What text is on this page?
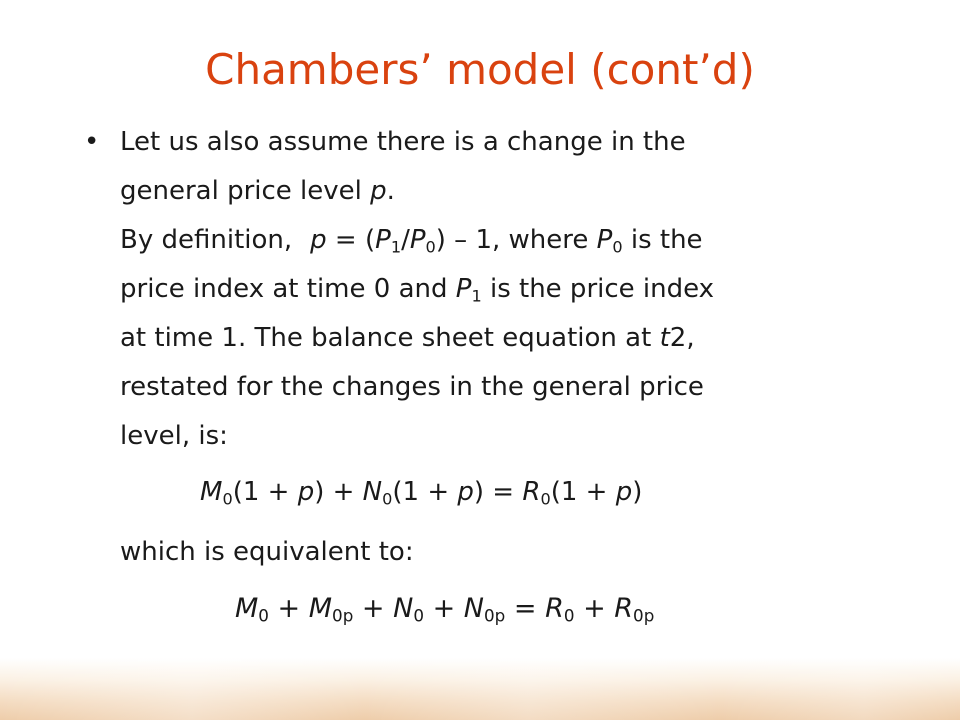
Chambers’ model (cont’d)
• Let us also assume there is a change in the
general price level p.
By definition, $p = (P_1/P_0) - 1$, where $P_0$ is the
price index at time 0 and $P_1$ is the price index
at time 1. The balance sheet equation at t2,
restated for the changes in the general price
level, is:
$M_0(1 + p) + N_0(1 + p) = R_0(1 + p)$
which is equivalent to:
$M_0 + M_{0p} + N_0 + N_{0p} = R_0 + R_{0p}$
